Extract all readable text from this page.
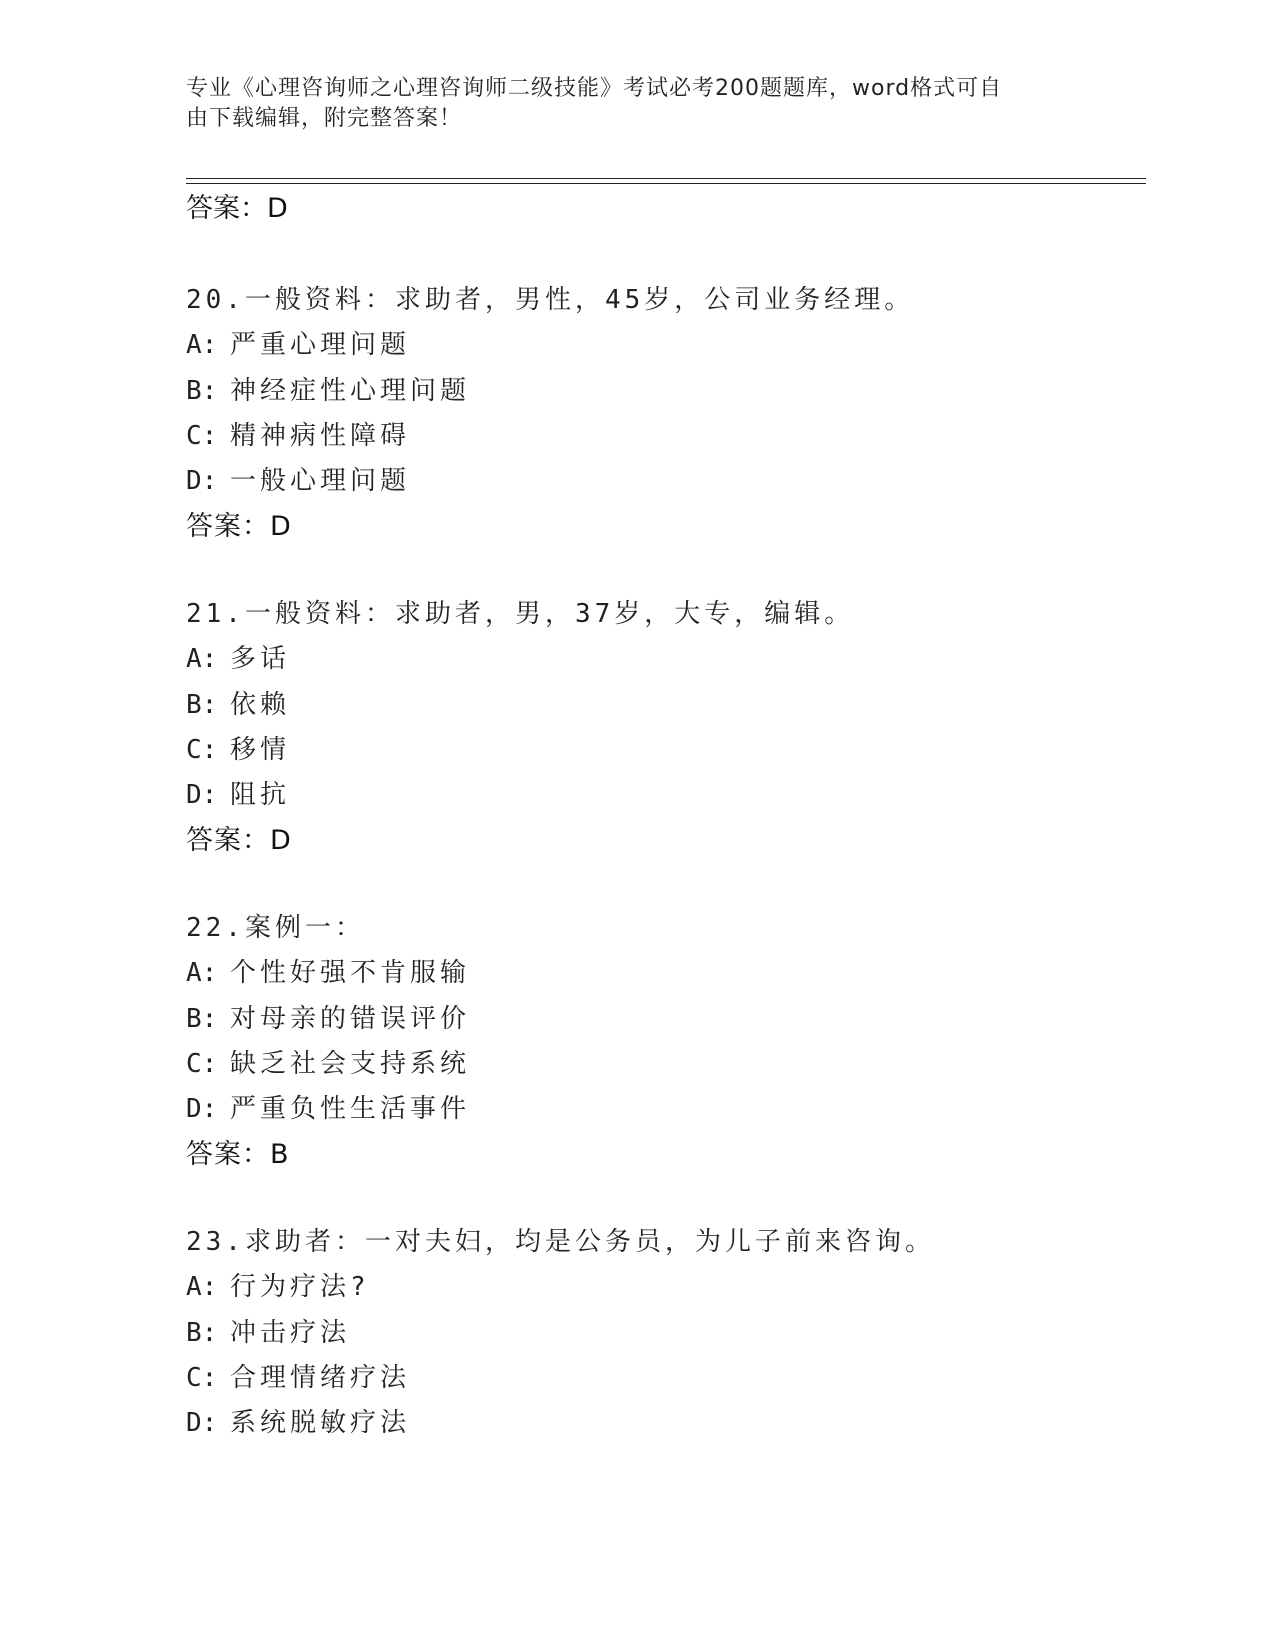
专业《心理咨询师之心理咨询师二级技能》考试必考200题题库，word格式可自
由下载编辑，附完整答案！
答案：D
20.一般资料：求助者，男性，45岁，公司业务经理。
A: 严重心理问题
B: 神经症性心理问题
C: 精神病性障碍
D: 一般心理问题
答案：D
21.一般资料：求助者，男，37岁，大专，编辑。
A: 多话
B: 依赖
C: 移情
D: 阻抗
答案：D
22.案例一：
A: 个性好强不肯服输
B: 对母亲的错误评价
C: 缺乏社会支持系统
D: 严重负性生活事件
答案：B
23.求助者：一对夫妇，均是公务员，为儿子前来咨询。
A: 行为疗法?
B: 冲击疗法
C: 合理情绪疗法
D: 系统脱敏疗法
